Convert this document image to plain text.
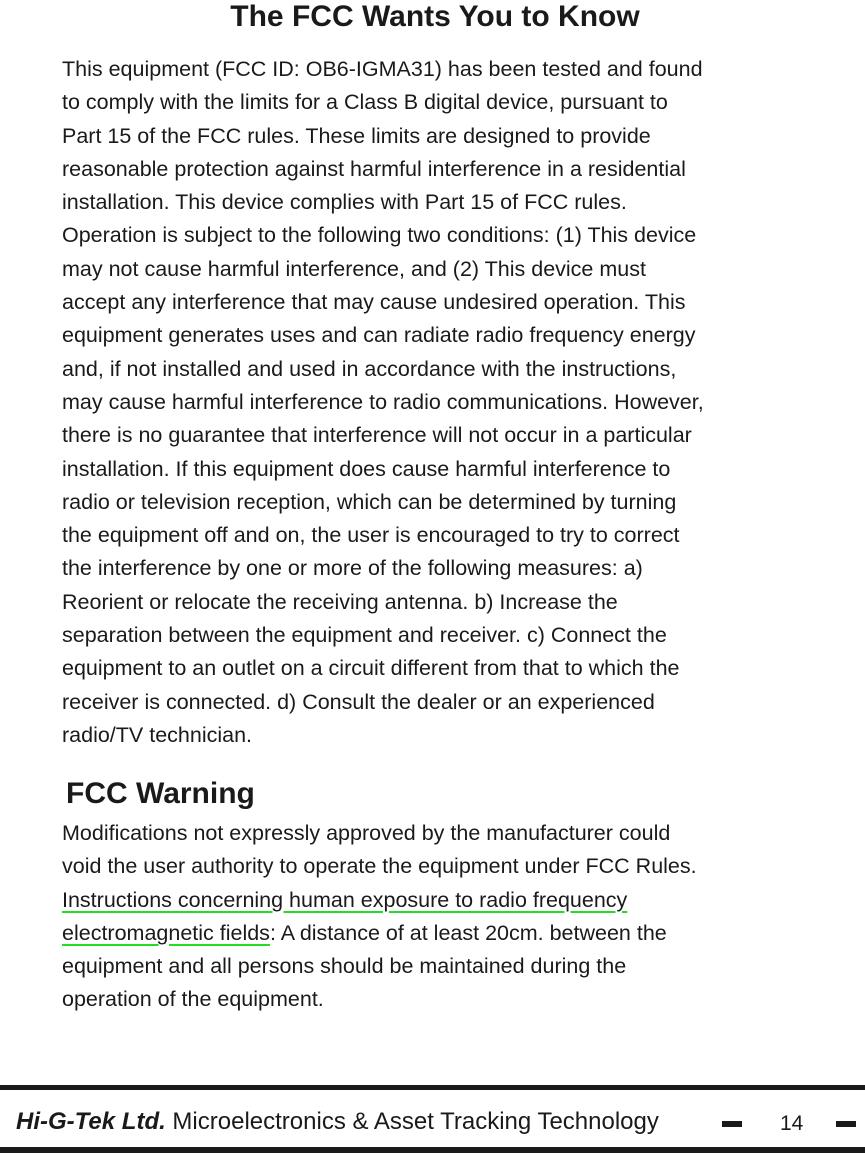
The FCC Wants You to Know

This equipment (FCC ID: OB6-IGMA31) has been tested and found
to comply with the limits for a Class B digital device, pursuant to
Part 15 of the FCC rules. These limits are designed to provide
reasonable protection against harmful interference in a residential
installation. This device complies with Part 15 of FCC rules.
Operation is subject to the following two conditions: (1) This device
may not cause harmful interference, and (2) This device must
accept any interference that may cause undesired operation. This
equipment generates uses and can radiate radio frequency energy
and, if not installed and used in accordance with the instructions,
may cause harmful interference to radio communications. However,
there is no guarantee that interference will not occur in a particular
installation. If this equipment does cause harmful interference to
radio or television reception, which can be determined by turning
the equipment off and on, the user is encouraged to try to correct
the interference by one or more of the following measures: a)
Reorient or relocate the receiving antenna. b) Increase the
separation between the equipment and receiver. c) Connect the
equipment to an outlet on a circuit different from that to which the
receiver is connected. d) Consult the dealer or an experienced
radio/TV technician.

FCC Warning

Modifications not expressly approved by the manufacturer could
void the user authority to operate the equipment under FCC Rules.
Instructions concerning human exposure to radio frequency
electromagnetic fields: A distance of at least 20cm. between the
equipment and all persons should be maintained during the
operation of the equipment.

Hi-G-Tek Ltd. Microelectronics & Asset Tracking Technology	14
